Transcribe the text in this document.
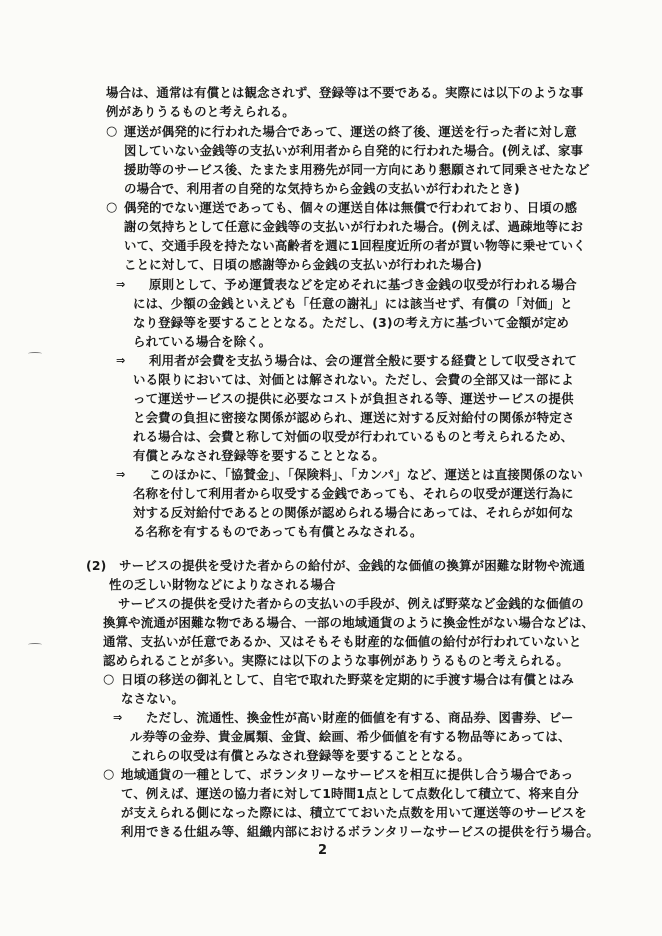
場合は、通常は有償とは観念されず、登録等は不要である。実際には以下のような事
例がありうるものと考えられる。
○ 運送が偶発的に行われた場合であって、運送の終了後、運送を行った者に対し意
図していない金銭等の支払いが利用者から自発的に行われた場合。(例えば、家事
援助等のサービス後、たまたま用務先が同一方向にあり懇願されて同乗させたなど
の場合で、利用者の自発的な気持ちから金銭の支払いが行われたとき)
○ 偶発的でない運送であっても、個々の運送自体は無償で行われており、日頃の感
謝の気持ちとして任意に金銭等の支払いが行われた場合。(例えば、過疎地等にお
いて、交通手段を持たない高齢者を週に1回程度近所の者が買い物等に乗せていく
ことに対して、日頃の感謝等から金銭の支払いが行われた場合)
⇒ 原則として、予め運賃表などを定めそれに基づき金銭の収受が行われる場合
には、少額の金銭といえども「任意の謝礼」には該当せず、有償の「対価」と
なり登録等を要することとなる。ただし、(3)の考え方に基づいて金額が定め
られている場合を除く。
⇒ 利用者が会費を支払う場合は、会の運営全般に要する経費として収受されて
いる限りにおいては、対価とは解されない。ただし、会費の全部又は一部によ
って運送サービスの提供に必要なコストが負担される等、運送サービスの提供
と会費の負担に密接な関係が認められ、運送に対する反対給付の関係が特定さ
れる場合は、会費と称して対価の収受が行われているものと考えられるため、
有償とみなされ登録等を要することとなる。
⇒ このほかに、「協賛金」、「保険料」、「カンパ」など、運送とは直接関係のない
名称を付して利用者から収受する金銭であっても、それらの収受が運送行為に
対する反対給付であるとの関係が認められる場合にあっては、それらが如何な
る名称を有するものであっても有償とみなされる。
(2)　サービスの提供を受けた者からの給付が、金銭的な価値の換算が困難な財物や流通
性の乏しい財物などによりなされる場合
サービスの提供を受けた者からの支払いの手段が、例えば野菜など金銭的な価値の
換算や流通が困難な物である場合、一部の地域通貨のように換金性がない場合などは、
通常、支払いが任意であるか、又はそもそも財産的な価値の給付が行われていないと
認められることが多い。実際には以下のような事例がありうるものと考えられる。
○ 日頃の移送の御礼として、自宅で取れた野菜を定期的に手渡す場合は有償とはみ
なさない。
⇒ ただし、流通性、換金性が高い財産的価値を有する、商品券、図書券、ビー
ル券等の金券、貴金属類、金貨、絵画、希少価値を有する物品等にあっては、
これらの収受は有償とみなされ登録等を要することとなる。
○ 地域通貨の一種として、ボランタリーなサービスを相互に提供し合う場合であっ
て、例えば、運送の協力者に対して1時間1点として点数化して積立て、将来自分
が支えられる側になった際には、積立てておいた点数を用いて運送等のサービスを
利用できる仕組み等、組織内部におけるボランタリーなサービスの提供を行う場合。
2
